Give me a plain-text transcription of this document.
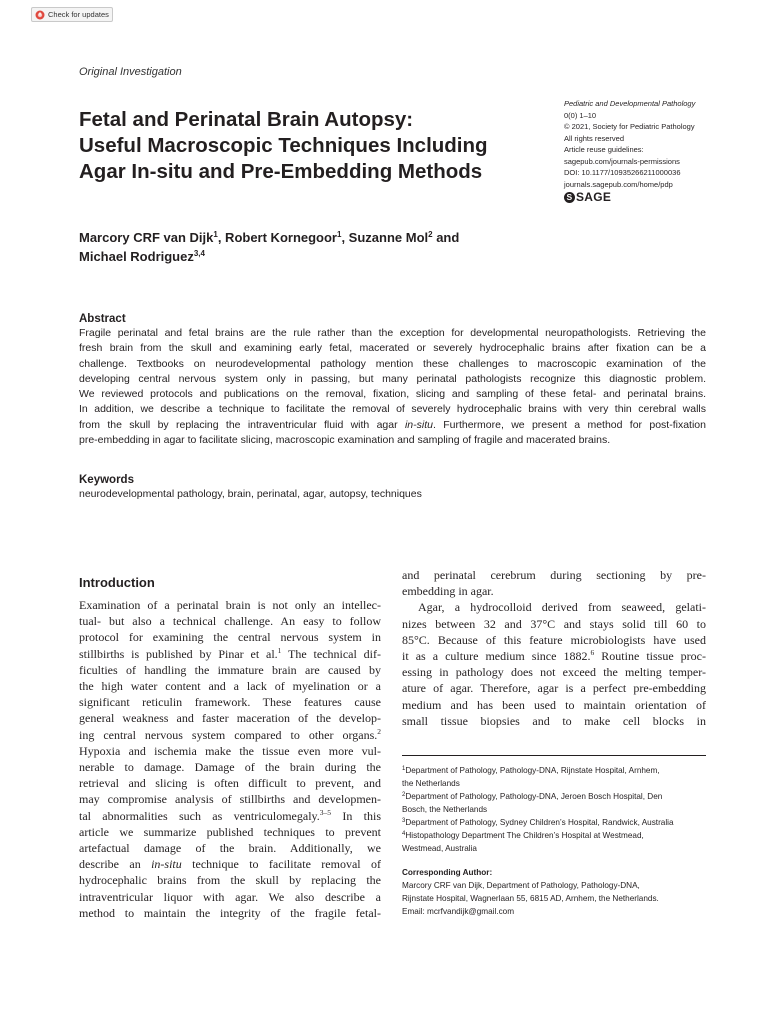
Check for updates
Original Investigation
Fetal and Perinatal Brain Autopsy:
Useful Macroscopic Techniques Including
Agar In-situ and Pre-Embedding Methods
Pediatric and Developmental Pathology
0(0) 1–10
© 2021, Society for Pediatric Pathology
All rights reserved
Article reuse guidelines:
sagepub.com/journals-permissions
DOI: 10.1177/10935266211000036
journals.sagepub.com/home/pdp
S SAGE
Marcory CRF van Dijk$^1$, Robert Kornegoor$^1$, Suzanne Mol$^2$ and
Michael Rodriguez$^{3,4}$
Abstract

Fragile perinatal and fetal brains are the rule rather than the exception for developmental neuropathologists. Retrieving the
fresh brain from the skull and examining early fetal, macerated or severely hydrocephalic brains after fixation can be a
challenge. Textbooks on neurodevelopmental pathology mention these challenges to macroscopic examination of the
developing central nervous system only in passing, but many perinatal pathologists recognize this diagnostic problem.
We reviewed protocols and publications on the removal, fixation, slicing and sampling of these fetal- and perinatal brains.
In addition, we describe a technique to facilitate the removal of severely hydrocephalic brains with very thin cerebral walls
from the skull by replacing the intraventricular fluid with agar in-situ. Furthermore, we present a method for post-fixation
pre-embedding in agar to facilitate slicing, macroscopic examination and sampling of fragile and macerated brains.

Keywords
neurodevelopmental pathology, brain, perinatal, agar, autopsy, techniques
Introduction
Examination of a perinatal brain is not only an intellec-
tual- but also a technical challenge. An easy to follow
protocol for examining the central nervous system in
stillbirths is published by Pinar et al.$^1$ The technical dif-
ficulties of handling the immature brain are caused by
the high water content and a lack of myelination or a
significant reticulin framework. These features cause
general weakness and faster maceration of the develop-
ing central nervous system compared to other organs.$^2$
Hypoxia and ischemia make the tissue even more vul-
nerable to damage. Damage of the brain during the
retrieval and slicing is often difficult to prevent, and
may compromise analysis of stillbirths and developmen-
tal abnormalities such as ventriculomegaly.$^{3-5}$ In this
article we summarize published techniques to prevent
artefactual damage of the brain. Additionally, we
describe an in-situ technique to facilitate removal of
hydrocephalic brains from the skull by replacing the
intraventricular liquor with agar. We also describe a
method to maintain the integrity of the fragile fetal-
and perinatal cerebrum during sectioning by pre-
embedding in agar.
Agar, a hydrocolloid derived from seaweed, gelati-
nizes between 32 and 37°C and stays solid till 60 to
85°C. Because of this feature microbiologists have used
it as a culture medium since 1882.$^6$ Routine tissue proc-
essing in pathology does not exceed the melting temper-
ature of agar. Therefore, agar is a perfect pre-embedding
medium and has been used to maintain orientation of
small tissue biopsies and to make cell blocks in
$^1$Department of Pathology, Pathology-DNA, Rijnstate Hospital, Arnhem,
the Netherlands
$^2$Department of Pathology, Pathology-DNA, Jeroen Bosch Hospital, Den
Bosch, the Netherlands
$^3$Department of Pathology, Sydney Children’s Hospital, Randwick, Australia
$^4$Histopathology Department The Children’s Hospital at Westmead,
Westmead, Australia
Corresponding Author:
Marcory CRF van Dijk, Department of Pathology, Pathology-DNA,
Rijnstate Hospital, Wagnerlaan 55, 6815 AD, Arnhem, the Netherlands.
Email: mcrfvandijk@gmail.com
